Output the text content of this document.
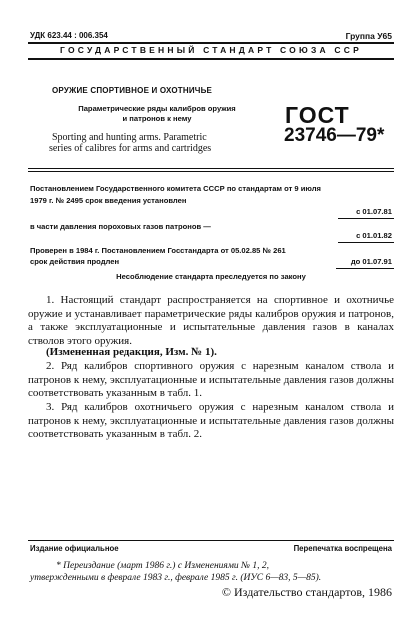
УДК 623.44 : 006.354	Группа У65
ГОСУДАРСТВЕННЫЙ СТАНДАРТ СОЮЗА ССР
ОРУЖИЕ СПОРТИВНОЕ И ОХОТНИЧЬЕ
Параметрические ряды калибров оружия
и патронов к нему
Sporting and hunting arms. Parametric
series of calibres for arms and cartridges
ГОСТ
23746—79*
Постановлением Государственного комитета СССР по стандартам от 9 июля
1979 г. № 2495 срок введения установлен
с 01.07.81
в части давления пороховых газов патронов —
с 01.01.82
Проверен в 1984 г. Постановлением Госстандарта от 05.02.85 № 261
срок действия продлен	до 01.07.91
Несоблюдение стандарта преследуется по закону
1. Настоящий стандарт распространяется на спортивное и охотничье оружие и устанавливает параметрические ряды калибров оружия и патронов, а также эксплуатационные и испытательные давления газов в каналах стволов этого оружия.
(Измененная редакция, Изм. № 1).
2. Ряд калибров спортивного оружия с нарезным каналом ствола и патронов к нему, эксплуатационные и испытательные давления газов должны соответствовать указанным в табл. 1.
3. Ряд калибров охотничьего оружия с нарезным каналом ствола и патронов к нему, эксплуатационные и испытательные давления газов должны соответствовать указанным в табл. 2.
Издание официальное	Перепечатка воспрещена
* Переиздание (март 1986 г.) с Изменениями № 1, 2,
утвержденными в феврале 1983 г., феврале 1985 г. (ИУС 6—83, 5—85).
© Издательство стандартов, 1986
